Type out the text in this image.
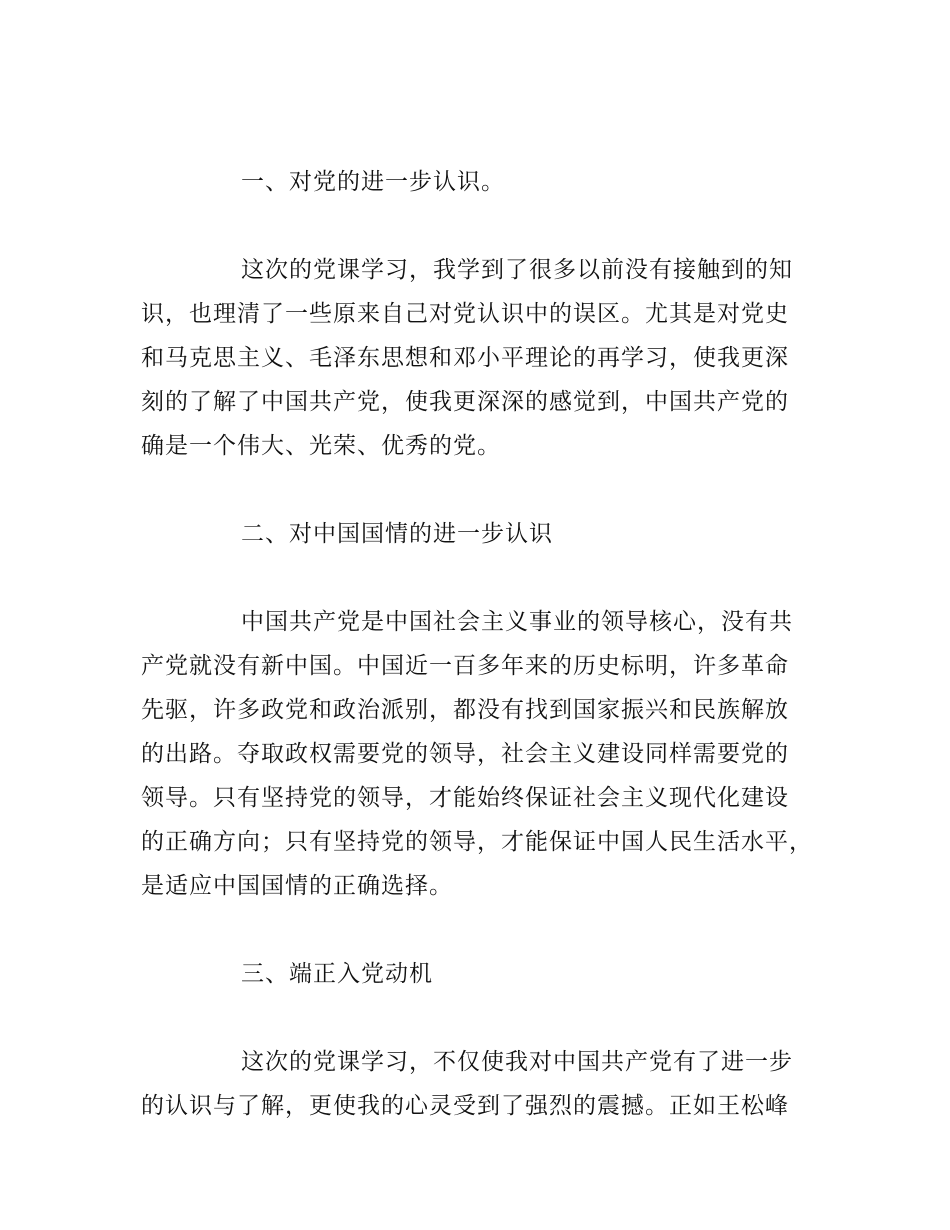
一、对党的进一步认识。

这次的党课学习，我学到了很多以前没有接触到的知
识，也理清了一些原来自己对党认识中的误区。尤其是对党史
和马克思主义、毛泽东思想和邓小平理论的再学习，使我更深
刻的了解了中国共产党，使我更深深的感觉到，中国共产党的
确是一个伟大、光荣、优秀的党。

二、对中国国情的进一步认识

中国共产党是中国社会主义事业的领导核心，没有共
产党就没有新中国。中国近一百多年来的历史标明，许多革命
先驱，许多政党和政治派别，都没有找到国家振兴和民族解放
的出路。夺取政权需要党的领导，社会主义建设同样需要党的
领导。只有坚持党的领导，才能始终保证社会主义现代化建设
的正确方向；只有坚持党的领导，才能保证中国人民生活水平，
是适应中国国情的正确选择。

三、端正入党动机

这次的党课学习，不仅使我对中国共产党有了进一步
的认识与了解，更使我的心灵受到了强烈的震撼。正如王松峰
